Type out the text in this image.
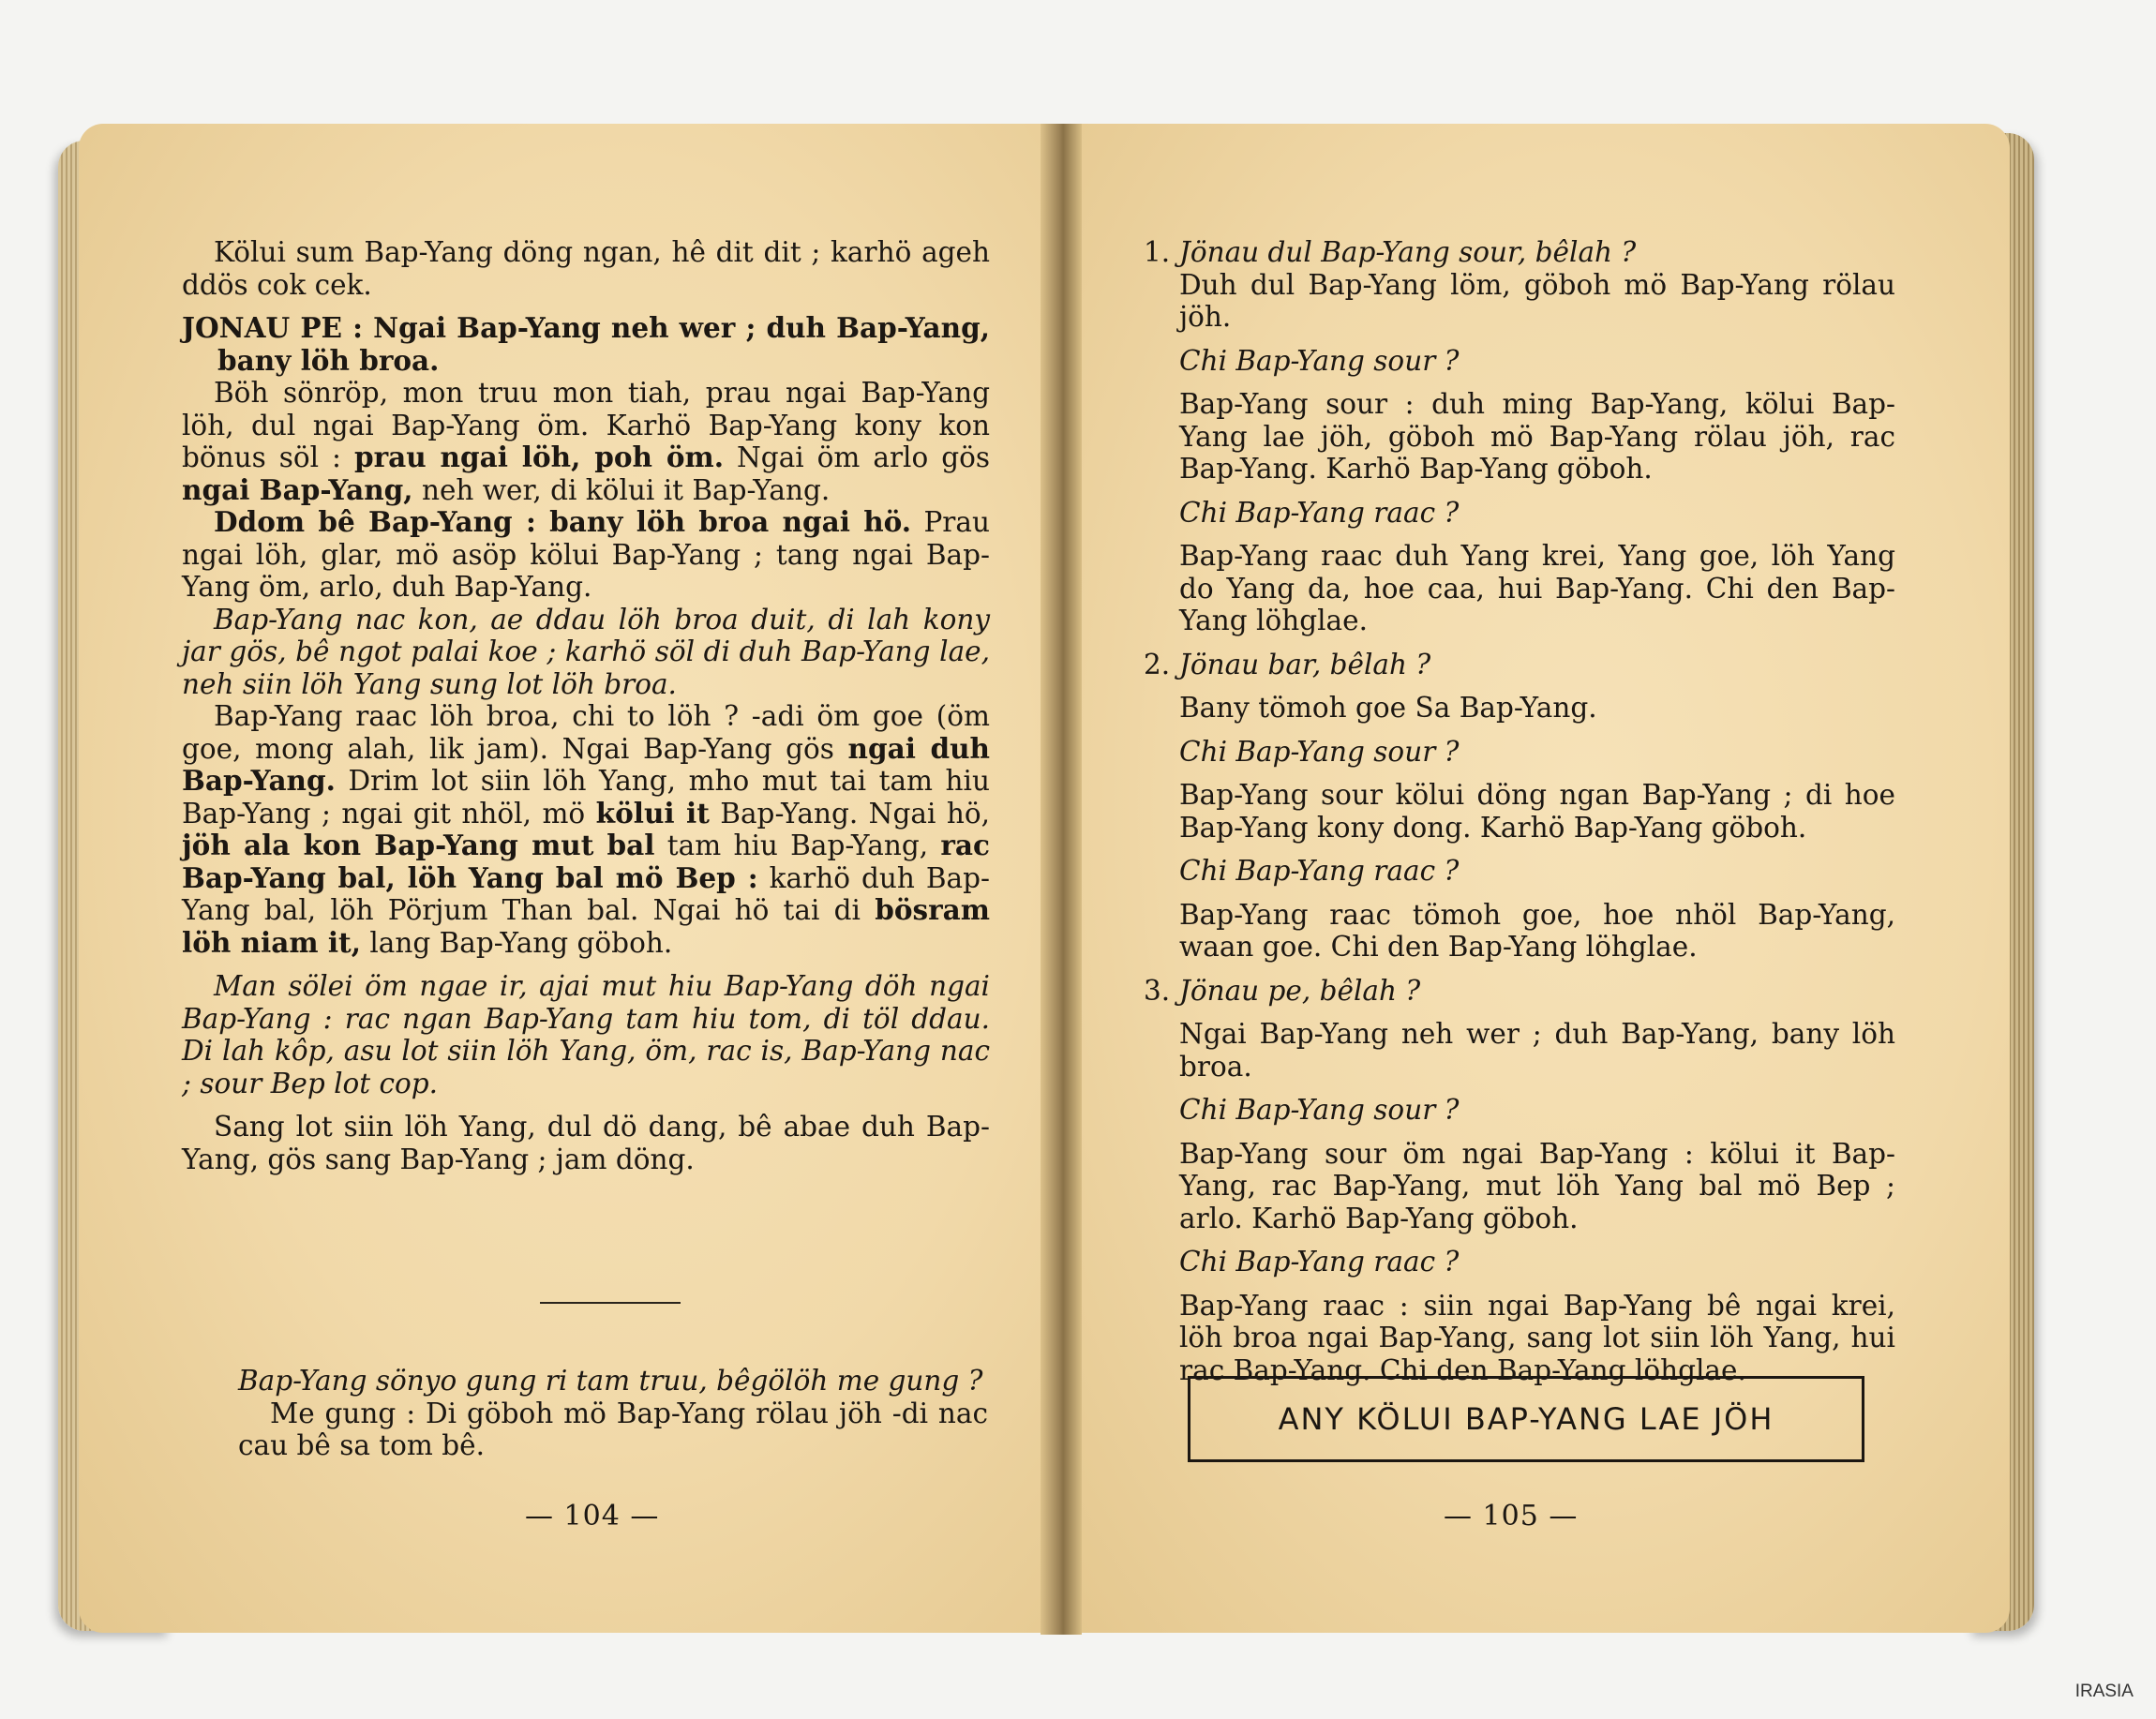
Kölui sum Bap-Yang döng ngan, hê dit dit ; karhö ageh ddös cok cek.

JONAU PE : Ngai Bap-Yang neh wer ; duh Bap-Yang, bany löh broa.

Böh sönröp, mon truu mon tiah, prau ngai Bap-Yang löh, dul ngai Bap-Yang öm. Karhö Bap-Yang kony kon bönus söl : prau ngai löh, poh öm. Ngai öm arlo gös ngai Bap-Yang, neh wer, di kölui it Bap-Yang.

Ddom bê Bap-Yang : bany löh broa ngai hö. Prau ngai löh, glar, mö asöp kölui Bap-Yang ; tang ngai Bap-Yang öm, arlo, duh Bap-Yang.

Bap-Yang nac kon, ae ddau löh broa duit, di lah kony jar gös, bê ngot palai koe ; karhö söl di duh Bap-Yang lae, neh siin löh Yang sung lot löh broa.

Bap-Yang raac löh broa, chi to löh ? -adi öm goe (öm goe, mong alah, lik jam). Ngai Bap-Yang gös ngai duh Bap-Yang. Drim lot siin löh Yang, mho mut tai tam hiu Bap-Yang ; ngai git nhöl, mö kölui it Bap-Yang. Ngai hö, jöh ala kon Bap-Yang mut bal tam hiu Bap-Yang, rac Bap-Yang bal, löh Yang bal mö Bep : karhö duh Bap-Yang bal, löh Pörjum Than bal. Ngai hö tai di bösram löh niam it, lang Bap-Yang göboh.

Man sölei öm ngae ir, ajai mut hiu Bap-Yang döh ngai Bap-Yang : rac ngan Bap-Yang tam hiu tom, di töl ddau. Di lah kôp, asu lot siin löh Yang, öm, rac is, Bap-Yang nac ; sour Bep lot cop.

Sang lot siin löh Yang, dul dö dang, bê abae duh Bap-Yang, gös sang Bap-Yang ; jam döng.

Bap-Yang sönyo gung ri tam truu, bêgölöh me gung ?

Me gung : Di göboh mö Bap-Yang rölau jöh -di nac cau bê sa tom bê.

— 104 —
1. Jönau dul Bap-Yang sour, bêlah ?

Duh dul Bap-Yang löm, göboh mö Bap-Yang rölau jöh.

Chi Bap-Yang sour ?

Bap-Yang sour : duh ming Bap-Yang, kölui Bap-Yang lae jöh, göboh mö Bap-Yang rölau jöh, rac Bap-Yang. Karhö Bap-Yang göboh.

Chi Bap-Yang raac ?

Bap-Yang raac duh Yang krei, Yang goe, löh Yang do Yang da, hoe caa, hui Bap-Yang. Chi den Bap-Yang löhglae.

2. Jönau bar, bêlah ?

Bany tömoh goe Sa Bap-Yang.

Chi Bap-Yang sour ?

Bap-Yang sour kölui döng ngan Bap-Yang ; di hoe Bap-Yang kony dong. Karhö Bap-Yang göboh.

Chi Bap-Yang raac ?

Bap-Yang raac tömoh goe, hoe nhöl Bap-Yang, waan goe. Chi den Bap-Yang löhglae.

3. Jönau pe, bêlah ?

Ngai Bap-Yang neh wer ; duh Bap-Yang, bany löh broa.

Chi Bap-Yang sour ?

Bap-Yang sour öm ngai Bap-Yang : kölui it Bap-Yang, rac Bap-Yang, mut löh Yang bal mö Bep ; arlo. Karhö Bap-Yang göboh.

Chi Bap-Yang raac ?

Bap-Yang raac : siin ngai Bap-Yang bê ngai krei, löh broa ngai Bap-Yang, sang lot siin löh Yang, hui rac Bap-Yang. Chi den Bap-Yang löhglae.

ANY KÖLUI BAP-YANG LAE JÖH
— 105 —
IRASIA
